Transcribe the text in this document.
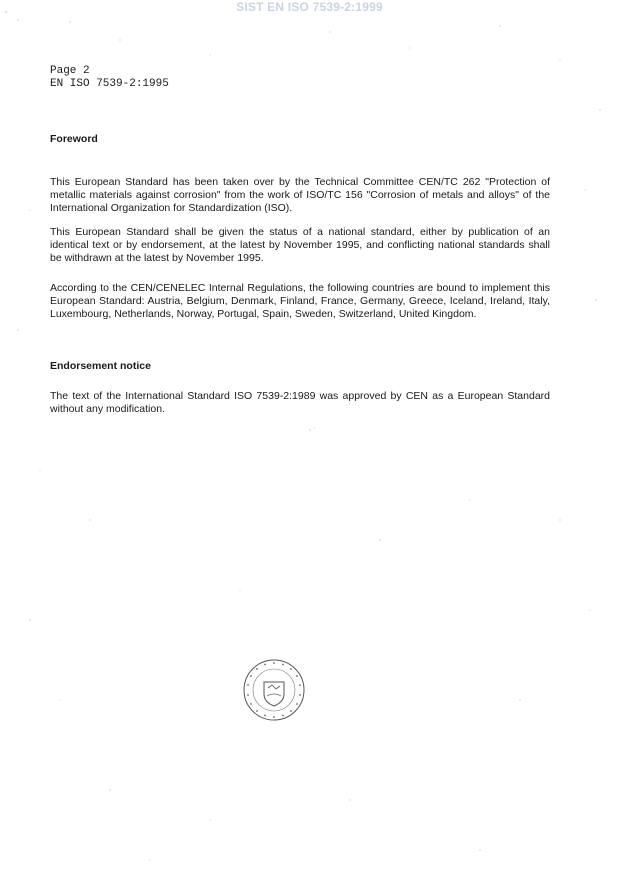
SIST EN ISO 7539-2:1999
Page 2
EN ISO 7539-2:1995
Foreword
This European Standard has been taken over by the Technical Committee CEN/TC 262 "Protection of metallic materials against corrosion" from the work of ISO/TC 156 "Corrosion of metals and alloys" of the International Organization for Standardization (ISO).
This European Standard shall be given the status of a national standard, either by publication of an identical text or by endorsement, at the latest by November 1995, and conflicting national standards shall be withdrawn at the latest by November 1995.
According to the CEN/CENELEC Internal Regulations, the following countries are bound to implement this European Standard: Austria, Belgium, Denmark, Finland, France, Germany, Greece, Iceland, Ireland, Italy, Luxembourg, Netherlands, Norway, Portugal, Spain, Sweden, Switzerland, United Kingdom.
Endorsement notice
The text of the International Standard ISO 7539-2:1989 was approved by CEN as a European Standard without any modification.
